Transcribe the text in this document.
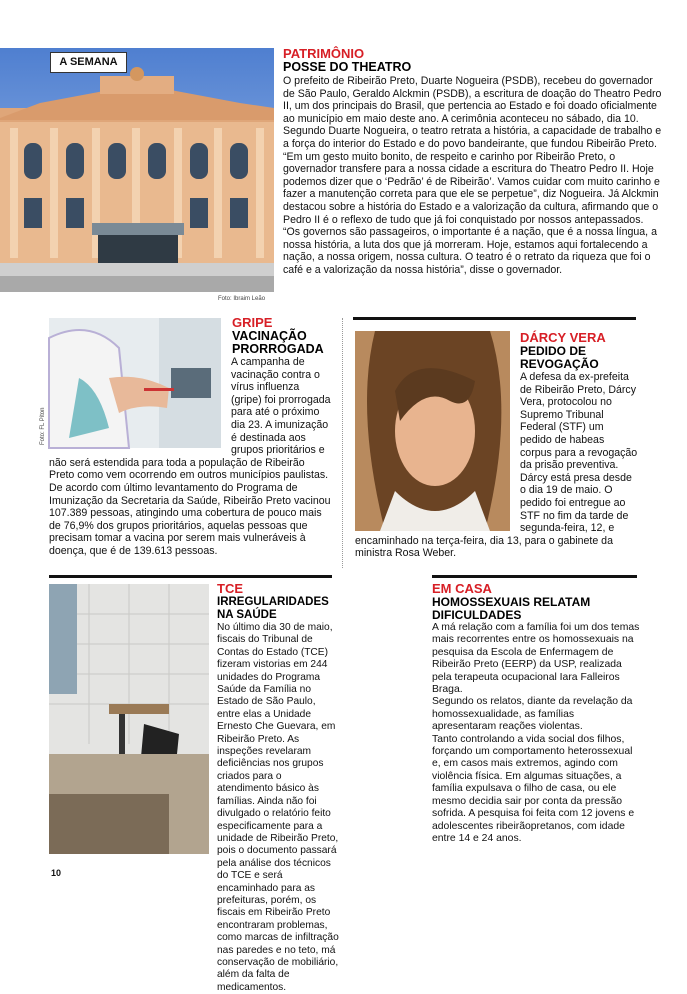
A SEMANA
Foto: Ibraim Leão
PATRIMÔNIO
POSSE DO THEATRO
O prefeito de Ribeirão Preto, Duarte Nogueira (PSDB), recebeu do governador de São Paulo, Geraldo Alckmin (PSDB), a escritura de doação do Theatro Pedro II, um dos principais do Brasil, que pertencia ao Estado e foi doado oficialmente ao município em maio deste ano. A cerimônia aconteceu no sábado, dia 10. Segundo Duarte Nogueira, o teatro retrata a história, a capacidade de trabalho e a força do interior do Estado e do povo bandeirante, que fundou Ribeirão Preto. “Em um gesto muito bonito, de respeito e carinho por Ribeirão Preto, o governador transfere para a nossa cidade a escritura do Theatro Pedro II. Hoje podemos dizer que o ‘Pedrão’ é de Ribeirão’. Vamos cuidar com muito carinho e fazer a manutenção correta para que ele se perpetue”, diz Nogueira. Já Alckmin destacou sobre a história do Estado e a valorização da cultura, afirmando que o Pedro II é o reflexo de tudo que já foi conquistado por nossos antepassados. “Os governos são passageiros, o importante é a nação, que é a nossa língua, a nossa história, a luta dos que já morreram. Hoje, estamos aqui fortalecendo a nação, a nossa origem, nossa cultura. O teatro é o retrato da riqueza que foi o café e a valorização da nossa história”, disse o governador.
Foto: FL Piton
GRIPE
VACINAÇÃO PRORROGADA
A campanha de vacinação contra o vírus influenza (gripe) foi prorrogada para até o próximo dia 23. A imunização é destinada aos grupos prioritários e não será estendida para toda a população de Ribeirão Preto como vem ocorrendo em outros municípios paulistas. De acordo com último levantamento do Programa de Imunização da Secretaria da Saúde, Ribeirão Preto vacinou 107.389 pessoas, atingindo uma cobertura de pouco mais de 76,9% dos grupos prioritários, aquelas pessoas que precisam tomar a vacina por serem mais vulneráveis à doença, que é de 139.613 pessoas.
DÁRCY VERA
PEDIDO DE REVOGAÇÃO
A defesa da ex-prefeita de Ribeirão Preto, Dárcy Vera, protocolou no Supremo Tribunal Federal (STF) um pedido de habeas corpus para a revogação da prisão preventiva. Dárcy está presa desde o dia 19 de maio. O pedido foi entregue ao STF no fim da tarde de segunda-feira, 12, e encaminhado na terça-feira, dia 13, para o gabinete da ministra Rosa Weber.
TCE
IRREGULARIDADES NA SAÚDE
No último dia 30 de maio, fiscais do Tribunal de Contas do Estado (TCE) fizeram vistorias em 244 unidades do Programa Saúde da Família no Estado de São Paulo, entre elas a Unidade Ernesto Che Guevara, em Ribeirão Preto. As inspeções revelaram deficiências nos grupos criados para o atendimento básico às famílias. Ainda não foi divulgado o relatório feito especificamente para a unidade de Ribeirão Preto, pois o documento passará pela análise dos técnicos do TCE e será encaminhado para as prefeituras, porém, os fiscais em Ribeirão Preto encontraram problemas, como marcas de infiltração nas paredes e no teto, má conservação de mobiliário, além da falta de medicamentos.
EM CASA
HOMOSSEXUAIS RELATAM DIFICULDADES

A má relação com a família foi um dos temas mais recorrentes entre os homossexuais na pesquisa da Escola de Enfermagem de Ribeirão Preto (EERP) da USP, realizada pela terapeuta ocupacional Iara Falleiros Braga.

Segundo os relatos, diante da revelação da homossexualidade, as famílias apresentaram reações violentas.

Tanto controlando a vida social dos filhos, forçando um comportamento heterossexual e, em casos mais extremos, agindo com violência física. Em algumas situações, a família expulsava o filho de casa, ou ele mesmo decidia sair por conta da pressão sofrida. A pesquisa foi feita com 12 jovens e adolescentes ribeirãopretanos, com idade entre 14 e 24 anos.

10
